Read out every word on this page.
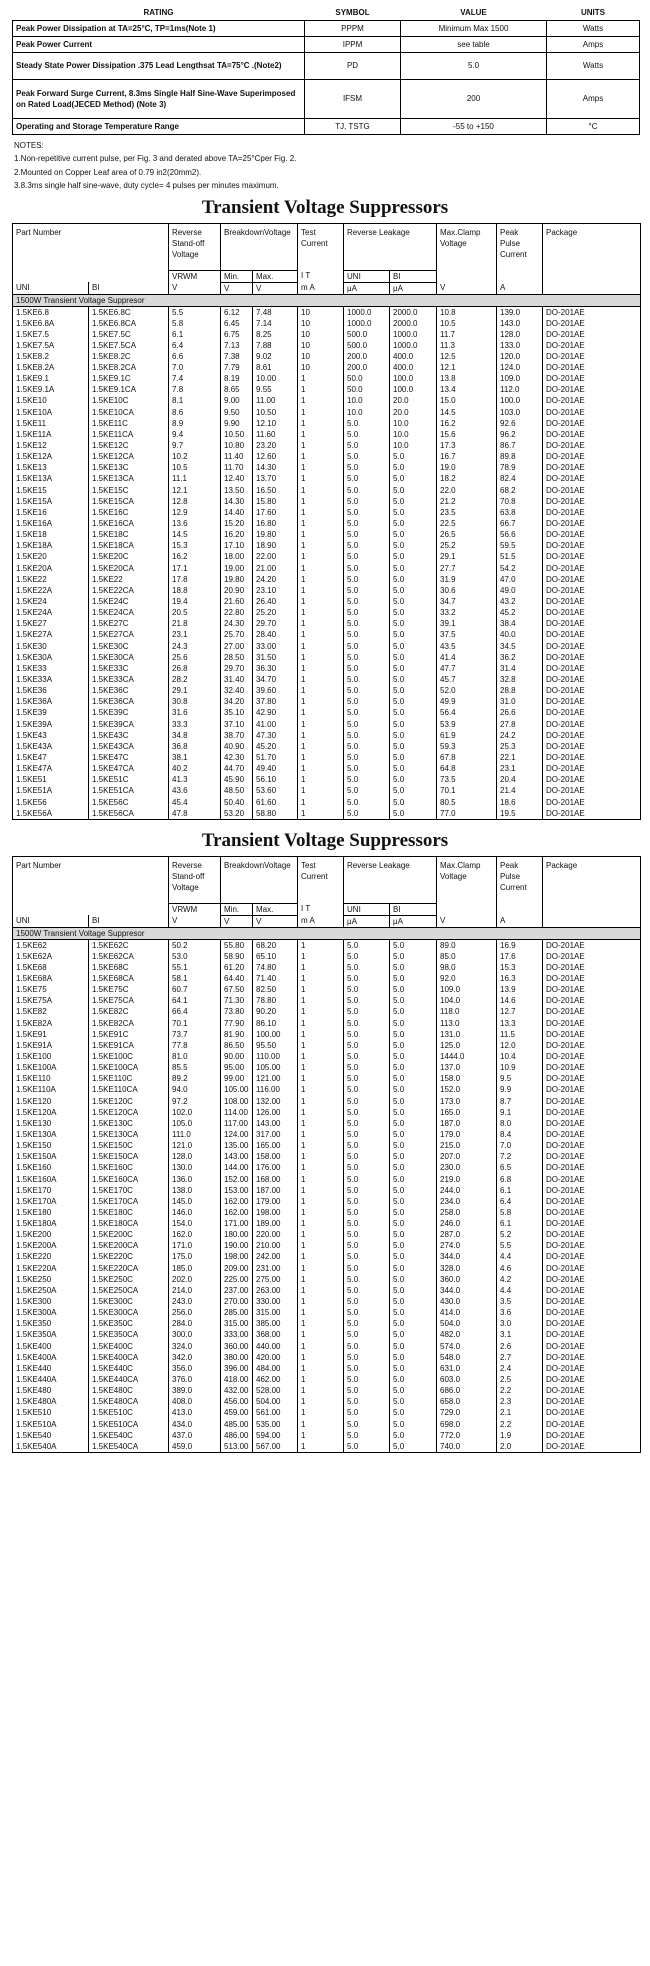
RATING	SYMBOL	VALUE	UNITS
Peak Power Dissipation at TA=25°C, TP=1ms(Note 1)	PPPM	Minimum Max 1500	Watts
Peak Power Current	IPPM	see table	Amps
Steady State Power Dissipation .375 Lead Lengthsat TA=75°C .(Note2)	PD	5.0	Watts
Peak Forward Surge Current, 8.3ms Single Half Sine-Wave Superimposed on Rated Load(JECED Method) (Note 3)	IFSM	200	Amps
Operating and Storage Temperature Range	TJ, TSTG	-55 to +150	°C
NOTES:
1.Non-repetitive current pulse, per Fig. 3 and derated above TA=25°Cper Fig. 2.
2.Mounted on Copper Leaf area of 0.79 in2(20mm2).
3.8.3ms single half sine-wave, duty cycle= 4 pulses per minutes maximum.
Transient Voltage Suppressors
Part Number		Reverse Stand-off Voltage	BreakdownVoltage		Test Current	Reverse Leakage		Max.Clamp Voltage	Peak Pulse Current	Package
		VRWM	Min.	Max.	I T	UNI	BI			
UNI	BI	V	V	V	m A	μA	μA	V	A	
1500W Transient Voltage Suppresor										
1.5KE6.8	1.5KE6.8C	5.5	6.12	7.48	10	1000.0	2000.0	10.8	139.0	DO-201AE
1.5KE6.8A	1.5KE6.8CA	5.8	6.45	7.14	10	1000.0	2000.0	10.5	143.0	DO-201AE
1.5KE7.5	1.5KE7.5C	6.1	6.75	8.25	10	500.0	1000.0	11.7	128.0	DO-201AE
1.5KE7.5A	1.5KE7.5CA	6.4	7.13	7.88	10	500.0	1000.0	11.3	133.0	DO-201AE
1.5KE8.2	1.5KE8.2C	6.6	7.38	9.02	10	200.0	400.0	12.5	120.0	DO-201AE
1.5KE8.2A	1.5KE8.2CA	7.0	7.79	8.61	10	200.0	400.0	12.1	124.0	DO-201AE
1.5KE9.1	1.5KE9.1C	7.4	8.19	10.00	1	50.0	100.0	13.8	109.0	DO-201AE
1.5KE9.1A	1.5KE9.1CA	7.8	8.65	9.55	1	50.0	100.0	13.4	112.0	DO-201AE
1.5KE10	1.5KE10C	8.1	9.00	11.00	1	10.0	20.0	15.0	100.0	DO-201AE
1.5KE10A	1.5KE10CA	8.6	9.50	10.50	1	10.0	20.0	14.5	103.0	DO-201AE
1.5KE11	1.5KE11C	8.9	9.90	12.10	1	5.0	10.0	16.2	92.6	DO-201AE
1.5KE11A	1.5KE11CA	9.4	10.50	11.60	1	5.0	10.0	15.6	96.2	DO-201AE
1.5KE12	1.5KE12C	9.7	10.80	23.20	1	5.0	10.0	17.3	86.7	DO-201AE
1.5KE12A	1.5KE12CA	10.2	11.40	12.60	1	5.0	5.0	16.7	89.8	DO-201AE
1.5KE13	1.5KE13C	10.5	11.70	14.30	1	5.0	5.0	19.0	78.9	DO-201AE
1.5KE13A	1.5KE13CA	11.1	12.40	13.70	1	5.0	5.0	18.2	82.4	DO-201AE
1.5KE15	1.5KE15C	12.1	13.50	16.50	1	5.0	5.0	22.0	68.2	DO-201AE
1.5KE15A	1.5KE15CA	12.8	14.30	15.80	1	5.0	5.0	21.2	70.8	DO-201AE
1.5KE16	1.5KE16C	12.9	14.40	17.60	1	5.0	5.0	23.5	63.8	DO-201AE
1.5KE16A	1.5KE16CA	13.6	15.20	16.80	1	5.0	5.0	22.5	66.7	DO-201AE
1.5KE18	1.5KE18C	14.5	16.20	19.80	1	5.0	5.0	26.5	56.6	DO-201AE
1.5KE18A	1.5KE18CA	15.3	17.10	18.90	1	5.0	5.0	25.2	59.5	DO-201AE
1.5KE20	1.5KE20C	16.2	18.00	22.00	1	5.0	5.0	29.1	51.5	DO-201AE
1.5KE20A	1.5KE20CA	17.1	19.00	21.00	1	5.0	5.0	27.7	54.2	DO-201AE
1.5KE22	1.5KE22	17.8	19.80	24.20	1	5.0	5.0	31.9	47.0	DO-201AE
1.5KE22A	1.5KE22CA	18.8	20.90	23.10	1	5.0	5.0	30.6	49.0	DO-201AE
1.5KE24	1.5KE24C	19.4	21.60	26.40	1	5.0	5.0	34.7	43.2	DO-201AE
1.5KE24A	1.5KE24CA	20.5	22.80	25.20	1	5.0	5.0	33.2	45.2	DO-201AE
1.5KE27	1.5KE27C	21.8	24.30	29.70	1	5.0	5.0	39.1	38.4	DO-201AE
1.5KE27A	1.5KE27CA	23.1	25.70	28.40	1	5.0	5.0	37.5	40.0	DO-201AE
1.5KE30	1.5KE30C	24.3	27.00	33.00	1	5.0	5.0	43.5	34.5	DO-201AE
1.5KE30A	1.5KE30CA	25.6	28.50	31.50	1	5.0	5.0	41.4	36.2	DO-201AE
1.5KE33	1.5KE33C	26.8	29.70	36.30	1	5.0	5.0	47.7	31.4	DO-201AE
1.5KE33A	1.5KE33CA	28.2	31.40	34.70	1	5.0	5.0	45.7	32.8	DO-201AE
1.5KE36	1.5KE36C	29.1	32.40	39.60	1	5.0	5.0	52.0	28.8	DO-201AE
1.5KE36A	1.5KE36CA	30.8	34.20	37.80	1	5.0	5.0	49.9	31.0	DO-201AE
1.5KE39	1.5KE39C	31.6	35.10	42.90	1	5.0	5.0	56.4	26.6	DO-201AE
1.5KE39A	1.5KE39CA	33.3	37.10	41.00	1	5.0	5.0	53.9	27.8	DO-201AE
1.5KE43	1.5KE43C	34.8	38.70	47.30	1	5.0	5.0	61.9	24.2	DO-201AE
1.5KE43A	1.5KE43CA	36.8	40.90	45.20	1	5.0	5.0	59.3	25.3	DO-201AE
1.5KE47	1.5KE47C	38.1	42.30	51.70	1	5.0	5.0	67.8	22.1	DO-201AE
1.5KE47A	1.5KE47CA	40.2	44.70	49.40	1	5.0	5.0	64.8	23.1	DO-201AE
1.5KE51	1.5KE51C	41.3	45.90	56.10	1	5.0	5.0	73.5	20.4	DO-201AE
1.5KE51A	1.5KE51CA	43.6	48.50	53.60	1	5.0	5.0	70.1	21.4	DO-201AE
1.5KE56	1.5KE56C	45.4	50.40	61.60	1	5.0	5.0	80.5	18.6	DO-201AE
1.5KE56A	1.5KE56CA	47.8	53.20	58.80	1	5.0	5.0	77.0	19.5	DO-201AE
Transient Voltage Suppressors
Part Number		Reverse Stand-off Voltage	BreakdownVoltage		Test Current	Reverse Leakage		Max.Clamp Voltage	Peak Pulse Current	Package
		VRWM	Min.	Max.	I T	UNI	BI			
UNI	BI	V	V	V	m A	μA	μA	V	A	
1500W Transient Voltage Suppresor										
1.5KE62	1.5KE62C	50.2	55.80	68.20	1	5.0	5.0	89.0	16.9	DO-201AE
1.5KE62A	1.5KE62CA	53.0	58.90	65.10	1	5.0	5.0	85.0	17.6	DO-201AE
1.5KE68	1.5KE68C	55.1	61.20	74.80	1	5.0	5.0	98.0	15.3	DO-201AE
1.5KE68A	1.5KE68CA	58.1	64.40	71.40	1	5.0	5.0	92.0	16.3	DO-201AE
1.5KE75	1.5KE75C	60.7	67.50	82.50	1	5.0	5.0	109.0	13.9	DO-201AE
1.5KE75A	1.5KE75CA	64.1	71.30	78.80	1	5.0	5.0	104.0	14.6	DO-201AE
1.5KE82	1.5KE82C	66.4	73.80	90.20	1	5.0	5.0	118.0	12.7	DO-201AE
1.5KE82A	1.5KE82CA	70.1	77.90	86.10	1	5.0	5.0	113.0	13.3	DO-201AE
1.5KE91	1.5KE91C	73.7	81.90	100.00	1	5.0	5.0	131.0	11.5	DO-201AE
1.5KE91A	1.5KE91CA	77.8	86.50	95.50	1	5.0	5.0	125.0	12.0	DO-201AE
1.5KE100	1.5KE100C	81.0	90.00	110.00	1	5.0	5.0	1444.0	10.4	DO-201AE
1.5KE100A	1.5KE100CA	85.5	95.00	105.00	1	5.0	5.0	137.0	10.9	DO-201AE
1.5KE110	1.5KE110C	89.2	99.00	121.00	1	5.0	5.0	158.0	9.5	DO-201AE
1.5KE110A	1.5KE110CA	94.0	105.00	116.00	1	5.0	5.0	152.0	9.9	DO-201AE
1.5KE120	1.5KE120C	97.2	108.00	132.00	1	5.0	5.0	173.0	8.7	DO-201AE
1.5KE120A	1.5KE120CA	102.0	114.00	126.00	1	5.0	5.0	165.0	9.1	DO-201AE
1.5KE130	1.5KE130C	105.0	117.00	143.00	1	5.0	5.0	187.0	8.0	DO-201AE
1.5KE130A	1.5KE130CA	111.0	124.00	317.00	1	5.0	5.0	179.0	8.4	DO-201AE
1.5KE150	1.5KE150C	121.0	135.00	165.00	1	5.0	5.0	215.0	7.0	DO-201AE
1.5KE150A	1.5KE150CA	128.0	143.00	158.00	1	5.0	5.0	207.0	7.2	DO-201AE
1.5KE160	1.5KE160C	130.0	144.00	176.00	1	5.0	5.0	230.0	6.5	DO-201AE
1.5KE160A	1.5KE160CA	136.0	152.00	168.00	1	5.0	5.0	219.0	6.8	DO-201AE
1.5KE170	1.5KE170C	138.0	153.00	187.00	1	5.0	5.0	244.0	6.1	DO-201AE
1.5KE170A	1.5KE170CA	145.0	162.00	179.00	1	5.0	5.0	234.0	6.4	DO-201AE
1.5KE180	1.5KE180C	146.0	162.00	198.00	1	5.0	5.0	258.0	5.8	DO-201AE
1.5KE180A	1.5KE180CA	154.0	171.00	189.00	1	5.0	5.0	246.0	6.1	DO-201AE
1.5KE200	1.5KE200C	162.0	180.00	220.00	1	5.0	5.0	287.0	5.2	DO-201AE
1.5KE200A	1.5KE200CA	171.0	190.00	210.00	1	5.0	5.0	274.0	5.5	DO-201AE
1.5KE220	1.5KE220C	175.0	198.00	242.00	1	5.0	5.0	344.0	4.4	DO-201AE
1.5KE220A	1.5KE220CA	185.0	209.00	231.00	1	5.0	5.0	328.0	4.6	DO-201AE
1.5KE250	1.5KE250C	202.0	225.00	275.00	1	5.0	5.0	360.0	4.2	DO-201AE
1.5KE250A	1.5KE250CA	214.0	237.00	263.00	1	5.0	5.0	344.0	4.4	DO-201AE
1.5KE300	1.5KE300C	243.0	270.00	330.00	1	5.0	5.0	430.0	3.5	DO-201AE
1.5KE300A	1.5KE300CA	256.0	285.00	315.00	1	5.0	5.0	414.0	3.6	DO-201AE
1.5KE350	1.5KE350C	284.0	315.00	385.00	1	5.0	5.0	504.0	3.0	DO-201AE
1.5KE350A	1.5KE350CA	300.0	333.00	368.00	1	5.0	5.0	482.0	3.1	DO-201AE
1.5KE400	1.5KE400C	324.0	360.00	440.00	1	5.0	5.0	574.0	2.6	DO-201AE
1.5KE400A	1.5KE400CA	342.0	380.00	420.00	1	5.0	5.0	548.0	2.7	DO-201AE
1.5KE440	1.5KE440C	356.0	396.00	484.00	1	5.0	5.0	631.0	2.4	DO-201AE
1.5KE440A	1.5KE440CA	376.0	418.00	462.00	1	5.0	5.0	603.0	2.5	DO-201AE
1.5KE480	1.5KE480C	389.0	432.00	528.00	1	5.0	5.0	686.0	2.2	DO-201AE
1.5KE480A	1.5KE480CA	408.0	456.00	504.00	1	5.0	5.0	658.0	2.3	DO-201AE
1.5KE510	1.5KE510C	413.0	459.00	561.00	1	5.0	5.0	729.0	2.1	DO-201AE
1.5KE510A	1.5KE510CA	434.0	485.00	535.00	1	5.0	5.0	698.0	2.2	DO-201AE
1.5KE540	1.5KE540C	437.0	486.00	594.00	1	5.0	5.0	772.0	1.9	DO-201AE
1.5KE540A	1.5KE540CA	459.0	513.00	567.00	1	5.0	5.0	740.0	2.0	DO-201AE
